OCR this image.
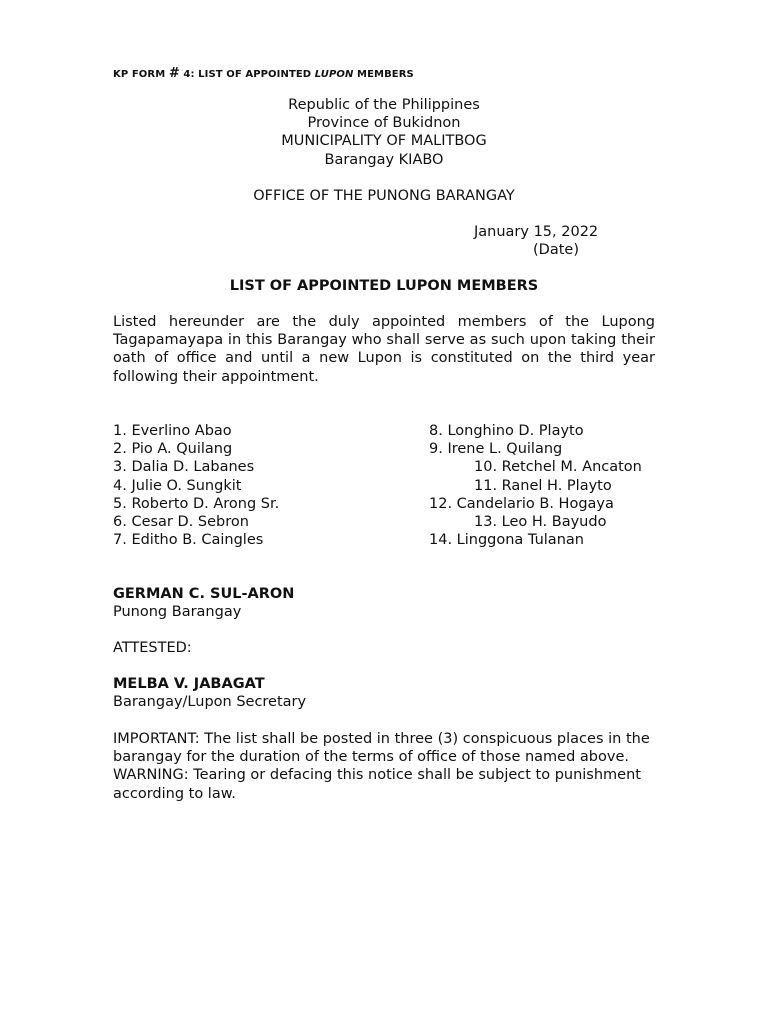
KP FORM # 4: LIST OF APPOINTED LUPON MEMBERS
Republic of the Philippines
Province of Bukidnon
MUNICIPALITY OF MALITBOG
Barangay KIABO
OFFICE OF THE PUNONG BARANGAY
January 15, 2022
(Date)
LIST OF APPOINTED LUPON MEMBERS
Listed hereunder are the duly appointed members of the Lupong Tagapamayapa in this Barangay who shall serve as such upon taking their oath of office and until a new Lupon is constituted on the third year following their appointment.
1. Everlino Abao
2. Pio A. Quilang
3. Dalia D. Labanes
4. Julie O. Sungkit
5. Roberto D. Arong Sr.
6. Cesar D. Sebron
7. Editho B. Caingles
8. Longhino D. Playto
9. Irene L. Quilang
10. Retchel M. Ancaton
11. Ranel H. Playto
12. Candelario B. Hogaya
13. Leo H. Bayudo
14. Linggona Tulanan
GERMAN C. SUL-ARON
Punong Barangay
ATTESTED:
MELBA V. JABAGAT
Barangay/Lupon Secretary
IMPORTANT: The list shall be posted in three (3) conspicuous places in the barangay for the duration of the terms of office of those named above.
WARNING: Tearing or defacing this notice shall be subject to punishment according to law.
